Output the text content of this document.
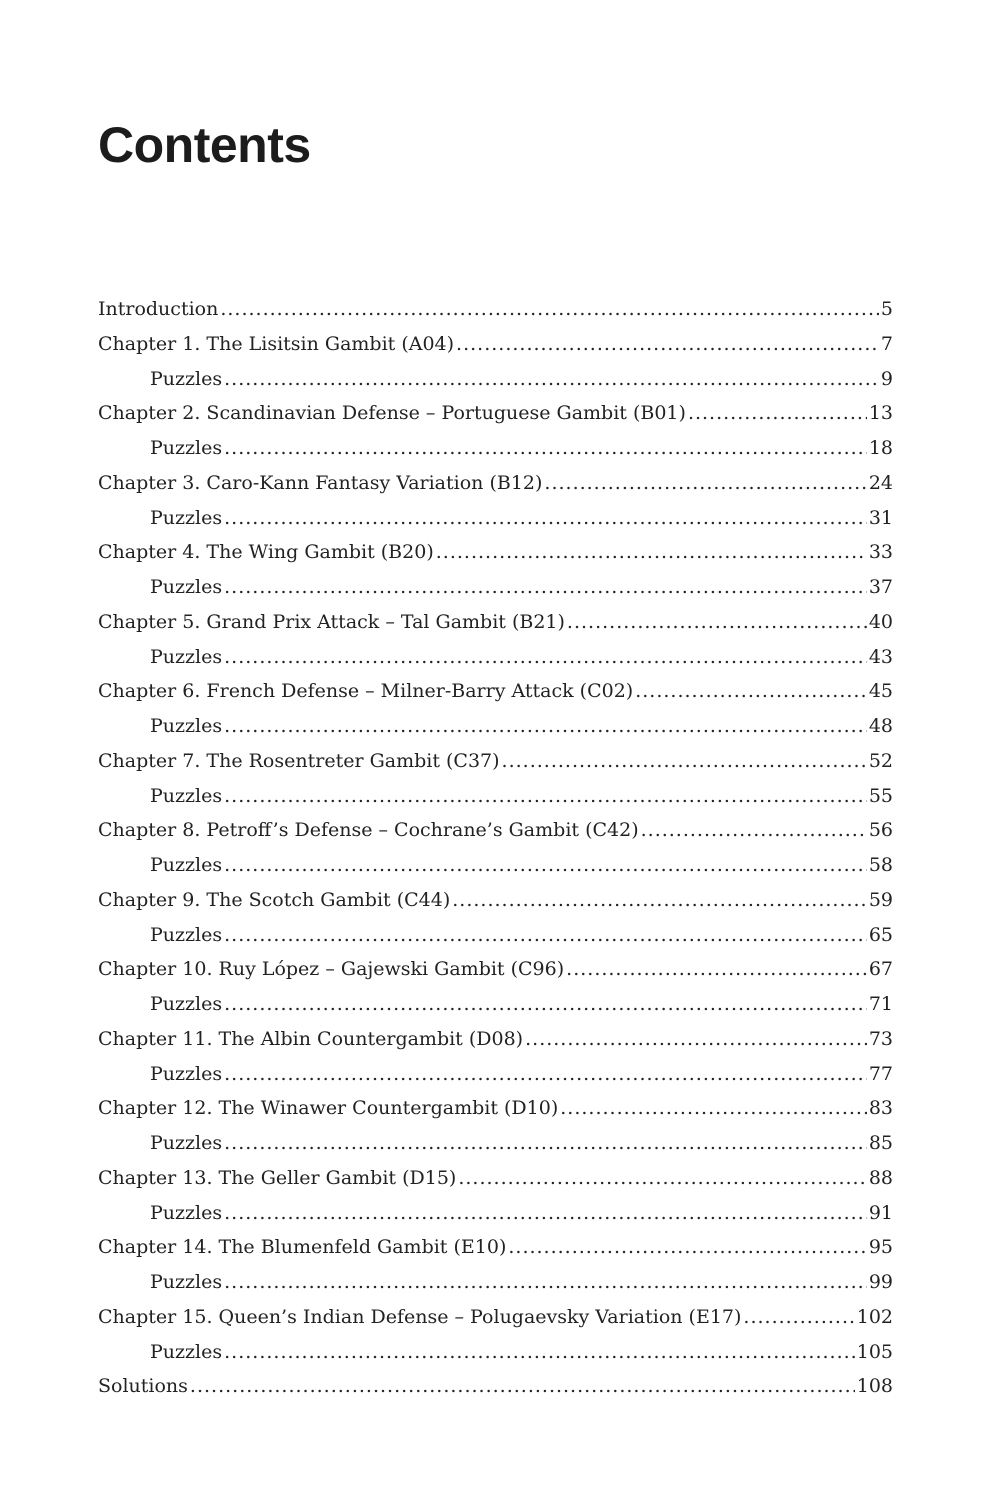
Contents
Introduction .....	5
Chapter 1. The Lisitsin Gambit (A04) .....	7
Puzzles .....	9
Chapter 2. Scandinavian Defense – Portuguese Gambit (B01) .....	13
Puzzles .....	18
Chapter 3. Caro-Kann Fantasy Variation (B12) .....	24
Puzzles .....	31
Chapter 4. The Wing Gambit (B20) .....	33
Puzzles .....	37
Chapter 5. Grand Prix Attack – Tal Gambit (B21) .....	40
Puzzles .....	43
Chapter 6. French Defense – Milner-Barry Attack (C02) .....	45
Puzzles .....	48
Chapter 7. The Rosentreter Gambit (C37) .....	52
Puzzles .....	55
Chapter 8. Petroff’s Defense – Cochrane’s Gambit (C42) .....	56
Puzzles .....	58
Chapter 9. The Scotch Gambit (C44) .....	59
Puzzles .....	65
Chapter 10. Ruy López – Gajewski Gambit (C96) .....	67
Puzzles .....	71
Chapter 11. The Albin Countergambit (D08) .....	73
Puzzles .....	77
Chapter 12. The Winawer Countergambit (D10) .....	83
Puzzles .....	85
Chapter 13. The Geller Gambit (D15) .....	88
Puzzles .....	91
Chapter 14. The Blumenfeld Gambit (E10) .....	95
Puzzles .....	99
Chapter 15. Queen’s Indian Defense – Polugaevsky Variation (E17) .....	102
Puzzles .....	105
Solutions .....	108
